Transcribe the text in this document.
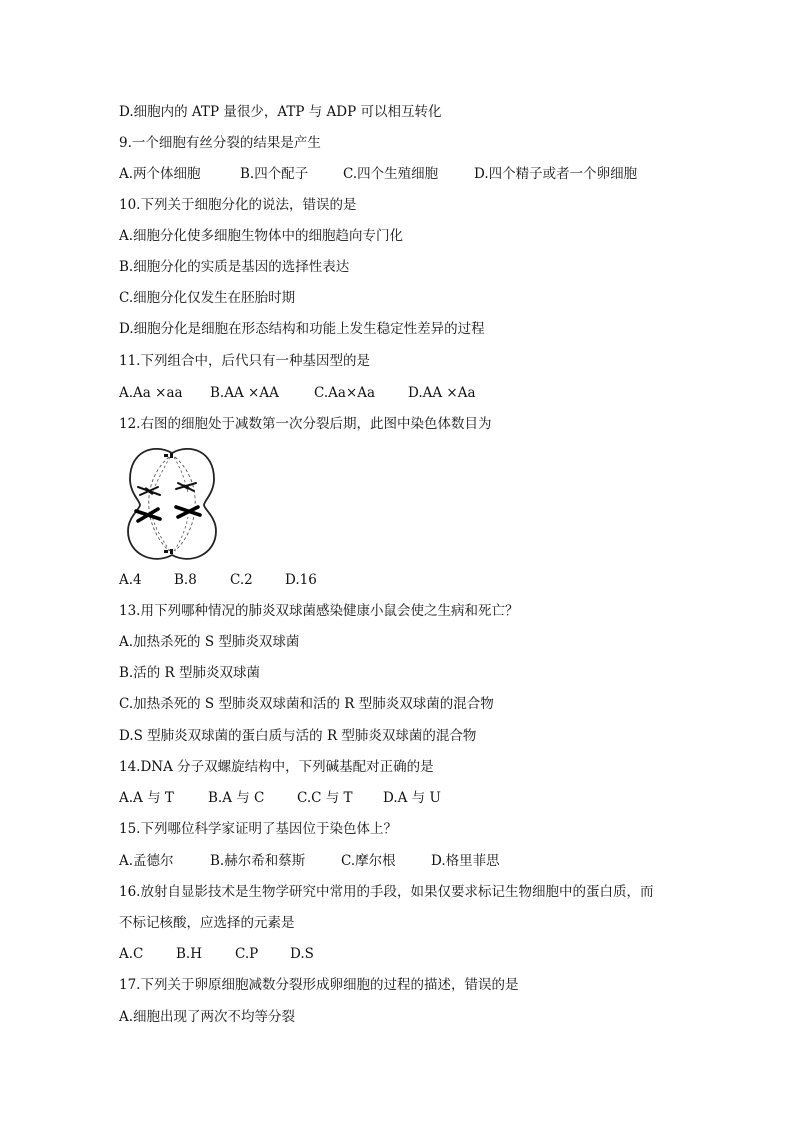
D.细胞内的 ATP 量很少，ATP 与 ADP 可以相互转化
9.一个细胞有丝分裂的结果是产生
A.两个体细胞	B.四个配子	C.四个生殖细胞	D.四个精子或者一个卵细胞
10.下列关于细胞分化的说法，错误的是
A.细胞分化使多细胞生物体中的细胞趋向专门化
B.细胞分化的实质是基因的选择性表达
C.细胞分化仅发生在胚胎时期
D.细胞分化是细胞在形态结构和功能上发生稳定性差异的过程
11.下列组合中，后代只有一种基因型的是
A.Aa ×aa	B.AA ×AA	C.Aa×Aa	D.AA ×Aa
12.右图的细胞处于减数第一次分裂后期，此图中染色体数目为
A.4	B.8	C.2	D.16
13.用下列哪种情况的肺炎双球菌感染健康小鼠会使之生病和死亡？
A.加热杀死的 S 型肺炎双球菌
B.活的 R 型肺炎双球菌
C.加热杀死的 S 型肺炎双球菌和活的 R 型肺炎双球菌的混合物
D.S 型肺炎双球菌的蛋白质与活的 R 型肺炎双球菌的混合物
14.DNA 分子双螺旋结构中，下列碱基配对正确的是
A.A 与 T	B.A 与 C	C.C 与 T	D.A 与 U
15.下列哪位科学家证明了基因位于染色体上？
A.孟德尔	B.赫尔希和蔡斯	C.摩尔根	D.格里菲思
16.放射自显影技术是生物学研究中常用的手段，如果仅要求标记生物细胞中的蛋白质，而
不标记核酸，应选择的元素是
A.C	B.H	C.P	D.S
17.下列关于卵原细胞减数分裂形成卵细胞的过程的描述，错误的是
A.细胞出现了两次不均等分裂
